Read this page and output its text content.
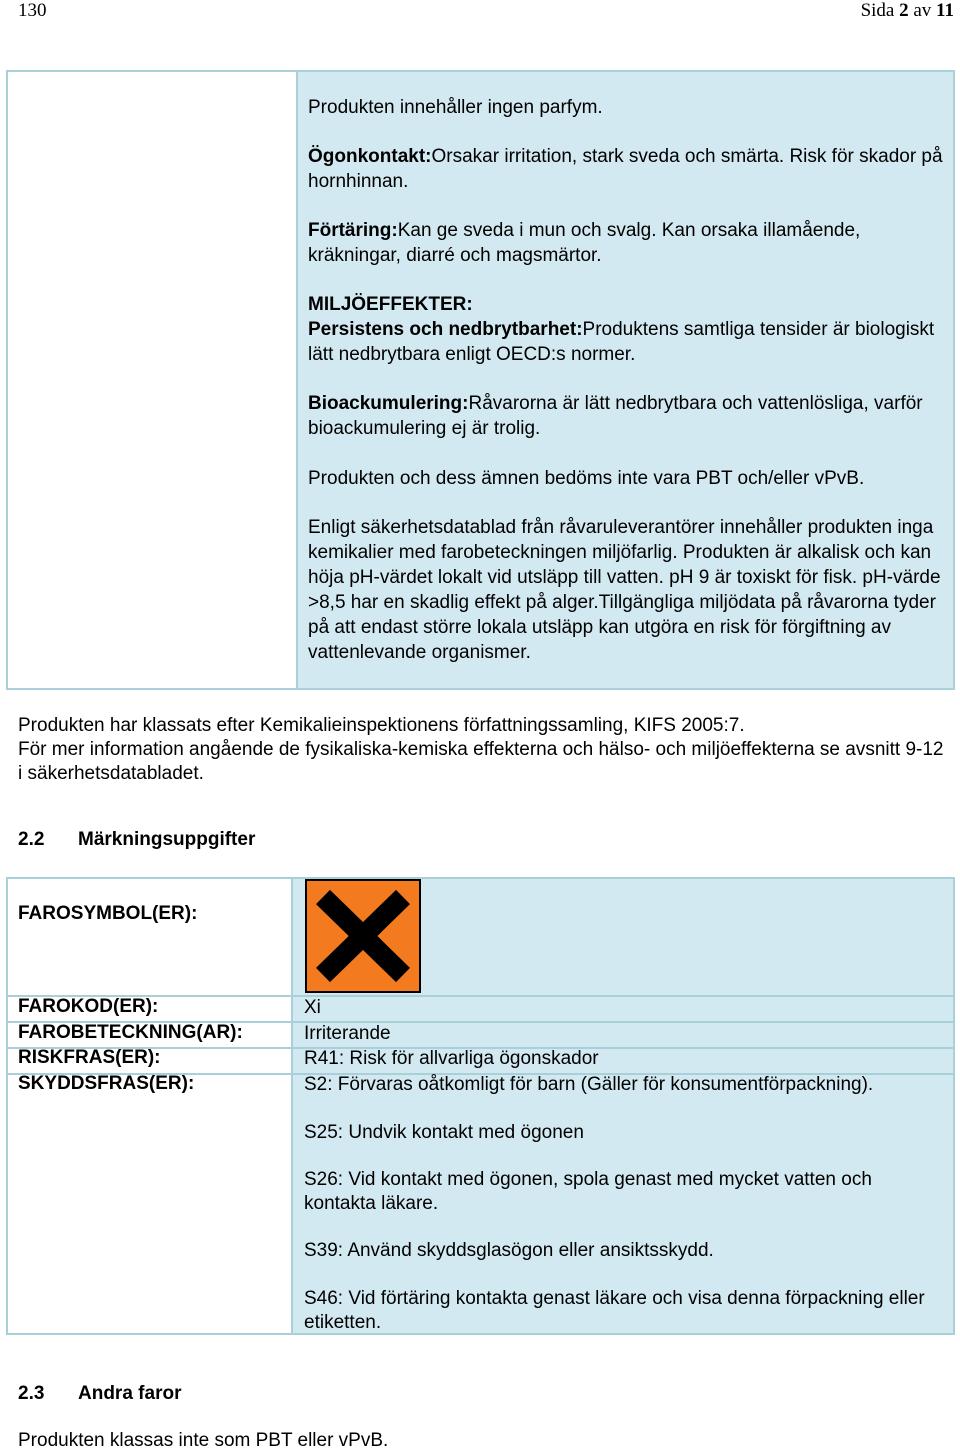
130	Sida 2 av 11
Produkten innehåller ingen parfym.
Ögonkontakt:Orsakar irritation, stark sveda och smärta. Risk för skador på hornhinnan.
Förtäring:Kan ge sveda i mun och svalg. Kan orsaka illamående, kräkningar, diarré och magsmärtor.
MILJÖEFFEKTER:
Persistens och nedbrytbarhet:Produktens samtliga tensider är biologiskt lätt nedbrytbara enligt OECD:s normer.
Bioackumulering:Råvarorna är lätt nedbrytbara och vattenlösliga, varför bioackumulering ej är trolig.
Produkten och dess ämnen bedöms inte vara PBT och/eller vPvB.
Enligt säkerhetsdatablad från råvaruleverantörer innehåller produkten inga kemikalier med farobeteckningen miljöfarlig. Produkten är alkalisk och kan höja pH-värdet lokalt vid utsläpp till vatten. pH 9 är toxiskt för fisk. pH-värde >8,5 har en skadlig effekt på alger.Tillgängliga miljödata på råvarorna tyder på att endast större lokala utsläpp kan utgöra en risk för förgiftning av vattenlevande organismer.
Produkten har klassats efter Kemikalieinspektionens författningssamling, KIFS 2005:7.
För mer information angående de fysikaliska-kemiska effekterna och hälso- och miljöeffekterna se avsnitt 9-12 i säkerhetsdatabladet.
2.2 Märkningsuppgifter
FAROSYMBOL(ER):
FAROKOD(ER):	Xi
FAROBETECKNING(AR):	Irriterande
RISKFRAS(ER):	R41: Risk för allvarliga ögonskador
SKYDDSFRAS(ER):	S2: Förvaras oåtkomligt för barn (Gäller för konsumentförpackning).
S25: Undvik kontakt med ögonen
S26: Vid kontakt med ögonen, spola genast med mycket vatten och kontakta läkare.
S39: Använd skyddsglasögon eller ansiktsskydd.
S46: Vid förtäring kontakta genast läkare och visa denna förpackning eller etiketten.
2.3 Andra faror
Produkten klassas inte som PBT eller vPvB.
